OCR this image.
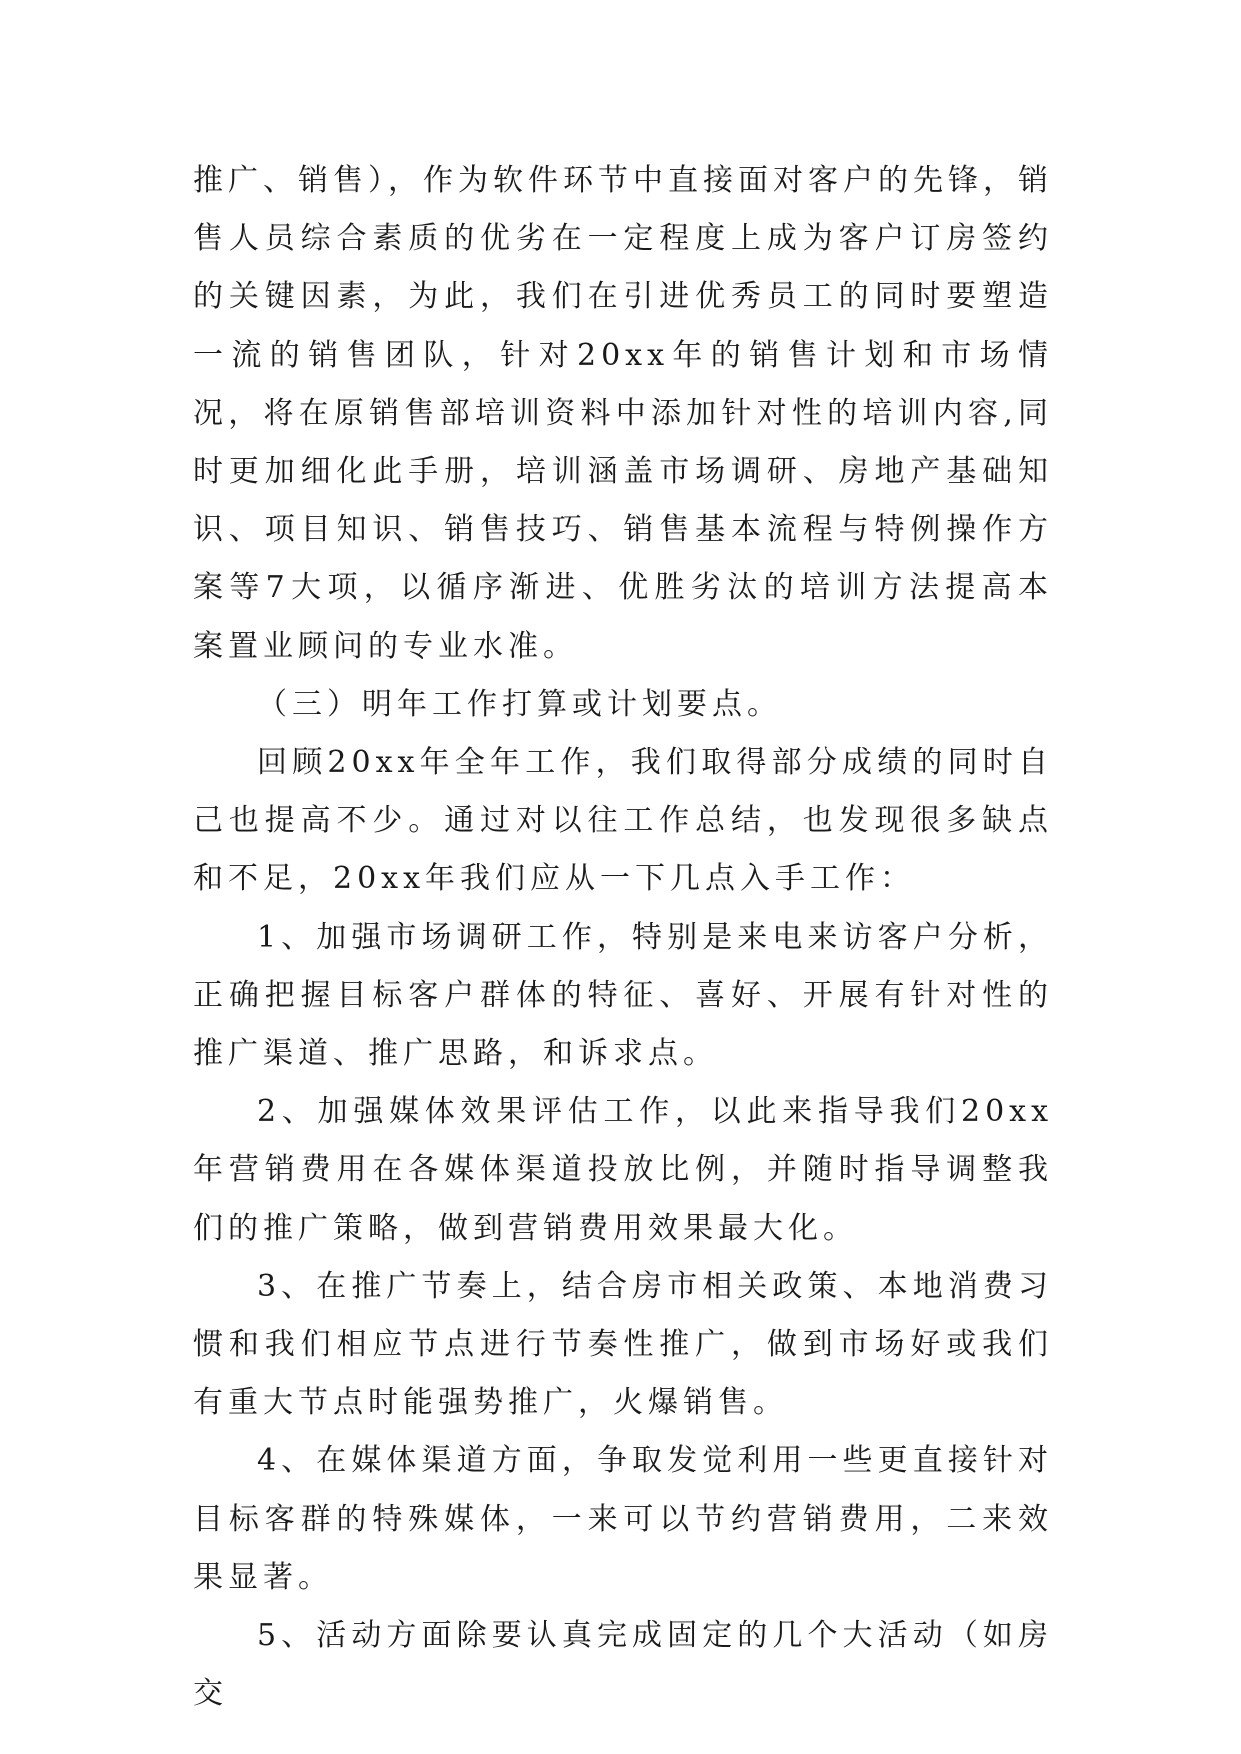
推广、销售），作为软件环节中直接面对客户的先锋，销售人员综合素质的优劣在一定程度上成为客户订房签约的关键因素，为此，我们在引进优秀员工的同时要塑造一流的销售团队，针对20xx年的销售计划和市场情况，将在原销售部培训资料中添加针对性的培训内容,同时更加细化此手册，培训涵盖市场调研、房地产基础知识、项目知识、销售技巧、销售基本流程与特例操作方案等7大项，以循序渐进、优胜劣汰的培训方法提高本案置业顾问的专业水准。

（三）明年工作打算或计划要点。

回顾20xx年全年工作，我们取得部分成绩的同时自己也提高不少。通过对以往工作总结，也发现很多缺点和不足，20xx年我们应从一下几点入手工作：

1、加强市场调研工作，特别是来电来访客户分析，正确把握目标客户群体的特征、喜好、开展有针对性的推广渠道、推广思路，和诉求点。

2、加强媒体效果评估工作，以此来指导我们20xx年营销费用在各媒体渠道投放比例，并随时指导调整我们的推广策略，做到营销费用效果最大化。

3、在推广节奏上，结合房市相关政策、本地消费习惯和我们相应节点进行节奏性推广，做到市场好或我们有重大节点时能强势推广，火爆销售。

4、在媒体渠道方面，争取发觉利用一些更直接针对目标客群的特殊媒体，一来可以节约营销费用，二来效果显著。

5、活动方面除要认真完成固定的几个大活动（如房交
